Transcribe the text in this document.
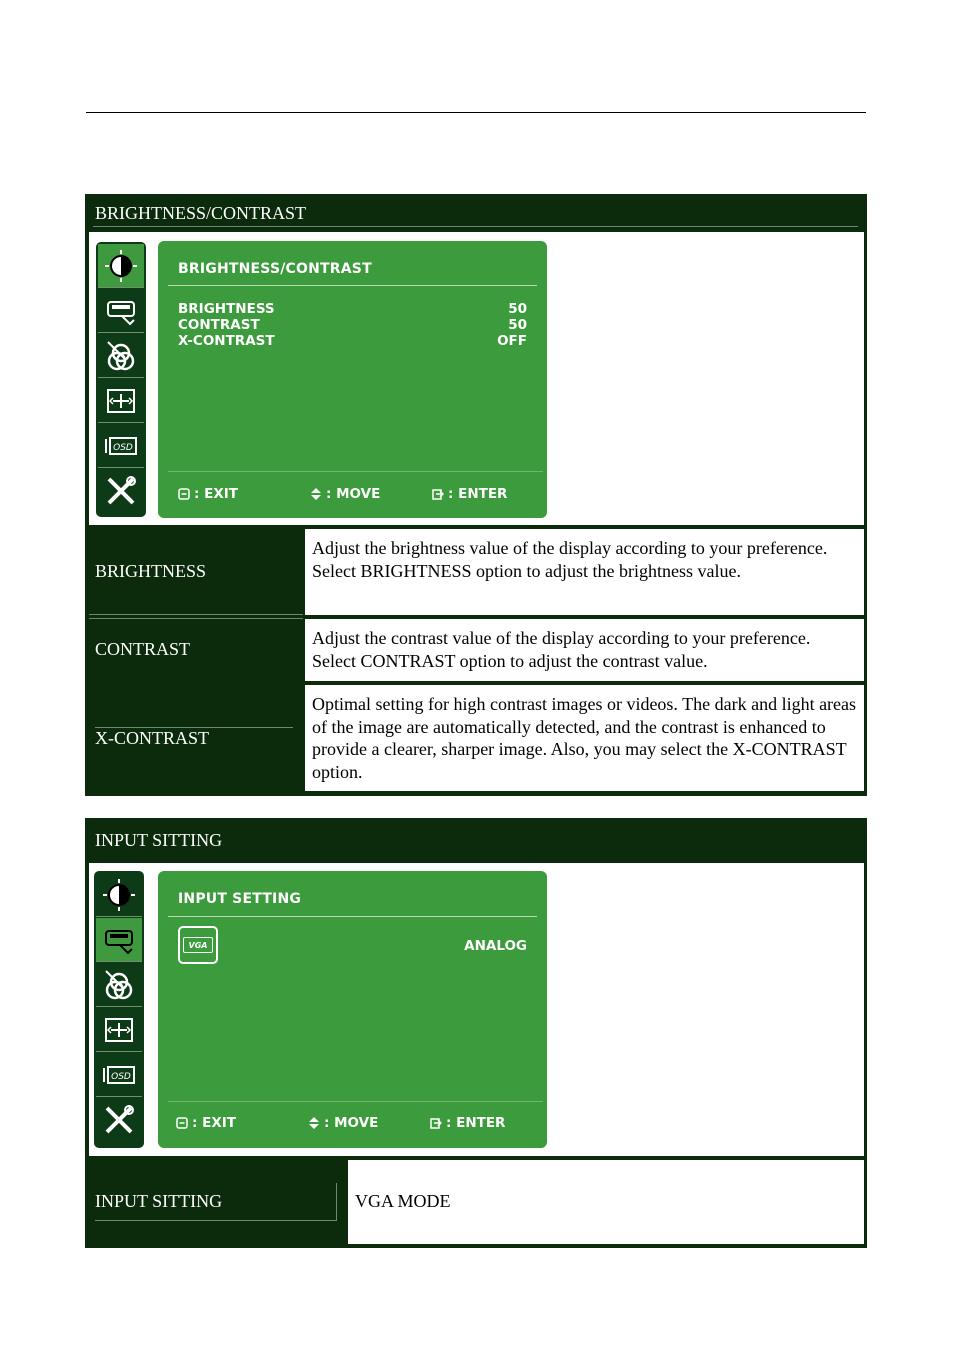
BRIGHTNESS/CONTRAST
OSD
BRIGHTNESS/CONTRAST
BRIGHTNESS	50
CONTRAST	50
X-CONTRAST	OFF
: EXIT	: MOVE	: ENTER
BRIGHTNESS
Adjust the brightness value of the display according to your preference. Select BRIGHTNESS option to adjust the brightness value.
CONTRAST
Adjust the contrast value of the display according to your preference. Select CONTRAST option to adjust the contrast value.
X-CONTRAST
Optimal setting for high contrast images or videos. The dark and light areas of the image are automatically detected, and the contrast is enhanced to provide a clearer, sharper image. Also, you may select the X-CONTRAST option.
INPUT SITTING
OSD
INPUT SETTING
VGA	ANALOG
: EXIT	: MOVE	: ENTER
INPUT SITTING	VGA MODE
